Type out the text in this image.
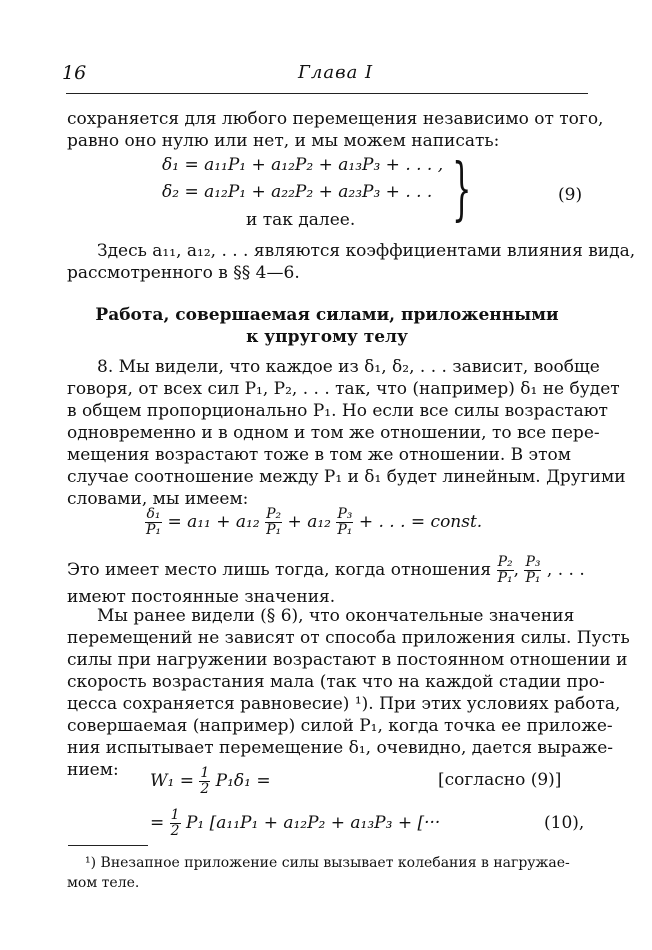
16	Глава I
сохраняется для любого перемещения независимо от того,
равно оно нулю или нет, и мы можем написать:
δ₁ = a₁₁P₁ + a₁₂P₂ + a₁₃P₃ + . . . ,
δ₂ = a₁₂P₁ + a₂₂P₂ + a₂₃P₃ + . . .
и так далее. }	(9)
Здесь a₁₁, a₁₂, . . . являются коэффициентами влияния вида,
рассмотренного в §§ 4—6.
Работа, совершаемая силами, приложенными
к упругому телу
8. Мы видели, что каждое из δ₁, δ₂, . . . зависит, вообще
говоря, от всех сил P₁, P₂, . . . так, что (например) δ₁ не будет
в общем пропорционально P₁. Но если все силы возрастают
одновременно и в одном и том же отношении, то все пере-
мещения возрастают тоже в том же отношении. В этом
случае соотношение между P₁ и δ₁ будет линейным. Другими
словами, мы имеем:
$\frac{\text{δ₁}}{\text{P₁}} = a_{11} + a_{12} \frac{\text{P₂}}{\text{P₁}} + a_{12} \frac{\text{P₃}}{\text{P₁}}$ + . . . = const.
Это имеет место лишь тогда, когда отношения $\frac{\text{P₂}}{\text{P₁}}$ , $\frac{\text{P₃}}{\text{P₁}}$ , . . .
имеют постоянные значения.
Мы ранее видели (§ 6), что окончательные значения
перемещений не зависят от способа приложения силы. Пусть
силы при нагружении возрастают в постоянном отношении и
скорость возрастания мала (так что на каждой стадии про-
цесса сохраняется равновесие) ¹). При этих условиях работа,
совершаемая (например) силой P₁, когда точка ее приложе-
ния испытывает перемещение δ₁, очевидно, дается выраже-
нием:
$W_1 = \frac{1}{2} P_1\delta_1$ =	[согласно (9)]
= $\frac{1}{2} P_1$ [a₁₁P₁ + a₁₂P₂ + a₁₃P₃ + [···	(10),
¹) Внезапное приложение силы вызывает колебания в нагружае-
мом теле.
